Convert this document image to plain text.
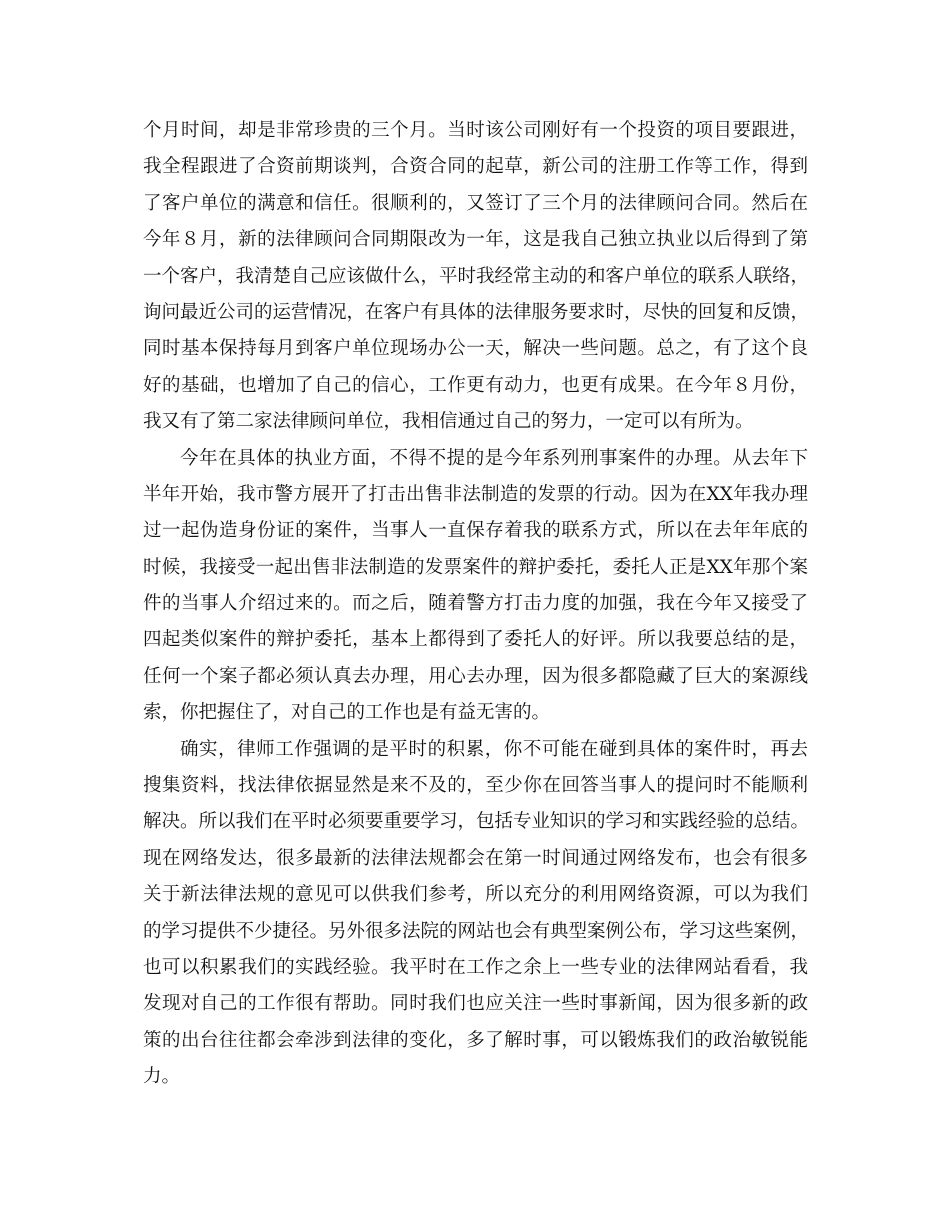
个月时间，却是非常珍贵的三个月。当时该公司刚好有一个投资的项目要跟进，
我全程跟进了合资前期谈判，合资合同的起草，新公司的注册工作等工作，得到
了客户单位的满意和信任。很顺利的，又签订了三个月的法律顾问合同。然后在
今年８月，新的法律顾问合同期限改为一年，这是我自己独立执业以后得到了第
一个客户，我清楚自己应该做什么，平时我经常主动的和客户单位的联系人联络，
询问最近公司的运营情况，在客户有具体的法律服务要求时，尽快的回复和反馈，
同时基本保持每月到客户单位现场办公一天，解决一些问题。总之，有了这个良
好的基础，也增加了自己的信心，工作更有动力，也更有成果。在今年８月份，
我又有了第二家法律顾问单位，我相信通过自己的努力，一定可以有所为。
今年在具体的执业方面，不得不提的是今年系列刑事案件的办理。从去年下
半年开始，我市警方展开了打击出售非法制造的发票的行动。因为在XX年我办理
过一起伪造身份证的案件，当事人一直保存着我的联系方式，所以在去年年底的
时候，我接受一起出售非法制造的发票案件的辩护委托，委托人正是XX年那个案
件的当事人介绍过来的。而之后，随着警方打击力度的加强，我在今年又接受了
四起类似案件的辩护委托，基本上都得到了委托人的好评。所以我要总结的是，
任何一个案子都必须认真去办理，用心去办理，因为很多都隐藏了巨大的案源线
索，你把握住了，对自己的工作也是有益无害的。
确实，律师工作强调的是平时的积累，你不可能在碰到具体的案件时，再去
搜集资料，找法律依据显然是来不及的，至少你在回答当事人的提问时不能顺利
解决。所以我们在平时必须要重要学习，包括专业知识的学习和实践经验的总结。
现在网络发达，很多最新的法律法规都会在第一时间通过网络发布，也会有很多
关于新法律法规的意见可以供我们参考，所以充分的利用网络资源，可以为我们
的学习提供不少捷径。另外很多法院的网站也会有典型案例公布，学习这些案例，
也可以积累我们的实践经验。我平时在工作之余上一些专业的法律网站看看，我
发现对自己的工作很有帮助。同时我们也应关注一些时事新闻，因为很多新的政
策的出台往往都会牵涉到法律的变化，多了解时事，可以锻炼我们的政治敏锐能
力。
